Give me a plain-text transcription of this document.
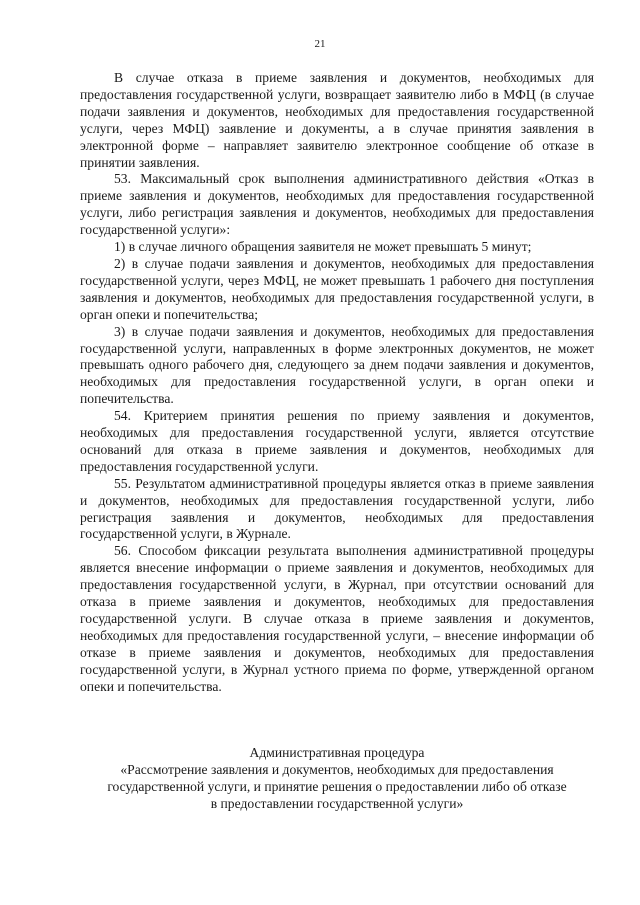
21

В случае отказа в приеме заявления и документов, необходимых для предоставления государственной услуги, возвращает заявителю либо в МФЦ (в случае подачи заявления и документов, необходимых для предоставления государственной услуги, через МФЦ) заявление и документы, а в случае принятия заявления в электронной форме – направляет заявителю электронное сообщение об отказе в принятии заявления.

53. Максимальный срок выполнения административного действия «Отказ в приеме заявления и документов, необходимых для предоставления государственной услуги, либо регистрация заявления и документов, необходимых для предоставления государственной услуги»:

1) в случае личного обращения заявителя не может превышать 5 минут;

2) в случае подачи заявления и документов, необходимых для предоставления государственной услуги, через МФЦ, не может превышать 1 рабочего дня поступления заявления и документов, необходимых для предоставления государственной услуги, в орган опеки и попечительства;

3) в случае подачи заявления и документов, необходимых для предоставления государственной услуги, направленных в форме электронных документов, не может превышать одного рабочего дня, следующего за днем подачи заявления и документов, необходимых для предоставления государственной услуги, в орган опеки и попечительства.

54. Критерием принятия решения по приему заявления и документов, необходимых для предоставления государственной услуги, является отсутствие оснований для отказа в приеме заявления и документов, необходимых для предоставления государственной услуги.

55. Результатом административной процедуры является отказ в приеме заявления и документов, необходимых для предоставления государственной услуги, либо регистрация заявления и документов, необходимых для предоставления государственной услуги, в Журнале.

56. Способом фиксации результата выполнения административной процедуры является внесение информации о приеме заявления и документов, необходимых для предоставления государственной услуги, в Журнал, при отсутствии оснований для отказа в приеме заявления и документов, необходимых для предоставления государственной услуги. В случае отказа в приеме заявления и документов, необходимых для предоставления государственной услуги, – внесение информации об отказе в приеме заявления и документов, необходимых для предоставления государственной услуги, в Журнал устного приема по форме, утвержденной органом опеки и попечительства.

Административная процедура
«Рассмотрение заявления и документов, необходимых для предоставления
государственной услуги, и принятие решения о предоставлении либо об отказе
в предоставлении государственной услуги»
